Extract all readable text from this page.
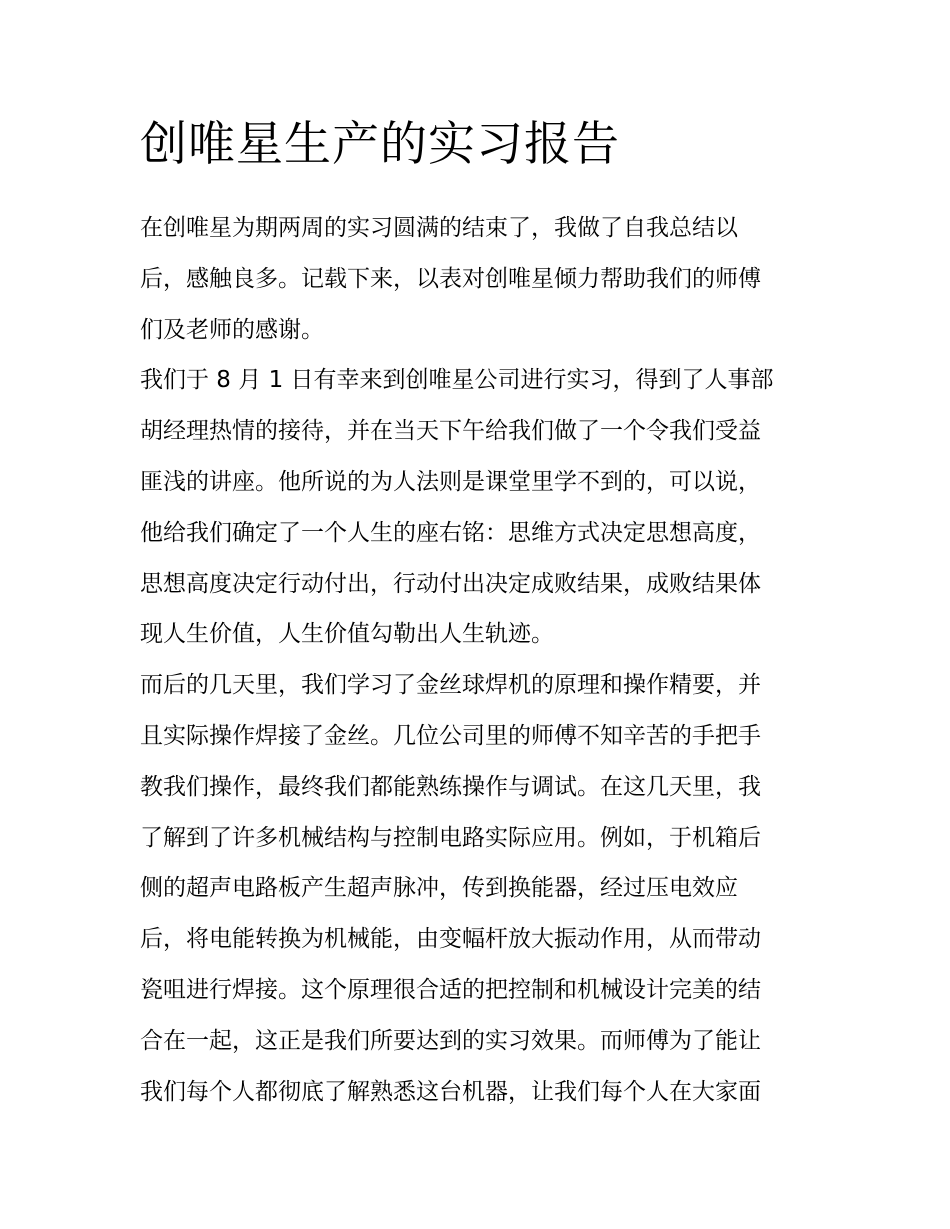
创唯星生产的实习报告

在创唯星为期两周的实习圆满的结束了，我做了自我总结以
后，感触良多。记载下来，以表对创唯星倾力帮助我们的师傅
们及老师的感谢。

我们于 8 月 1 日有幸来到创唯星公司进行实习，得到了人事部
胡经理热情的接待，并在当天下午给我们做了一个令我们受益
匪浅的讲座。他所说的为人法则是课堂里学不到的，可以说，
他给我们确定了一个人生的座右铭：思维方式决定思想高度，
思想高度决定行动付出，行动付出决定成败结果，成败结果体
现人生价值，人生价值勾勒出人生轨迹。

而后的几天里，我们学习了金丝球焊机的原理和操作精要，并
且实际操作焊接了金丝。几位公司里的师傅不知辛苦的手把手
教我们操作，最终我们都能熟练操作与调试。在这几天里，我
了解到了许多机械结构与控制电路实际应用。例如，于机箱后
侧的超声电路板产生超声脉冲，传到换能器，经过压电效应
后，将电能转换为机械能，由变幅杆放大振动作用，从而带动
瓷咀进行焊接。这个原理很合适的把控制和机械设计完美的结
合在一起，这正是我们所要达到的实习效果。而师傅为了能让
我们每个人都彻底了解熟悉这台机器，让我们每个人在大家面
